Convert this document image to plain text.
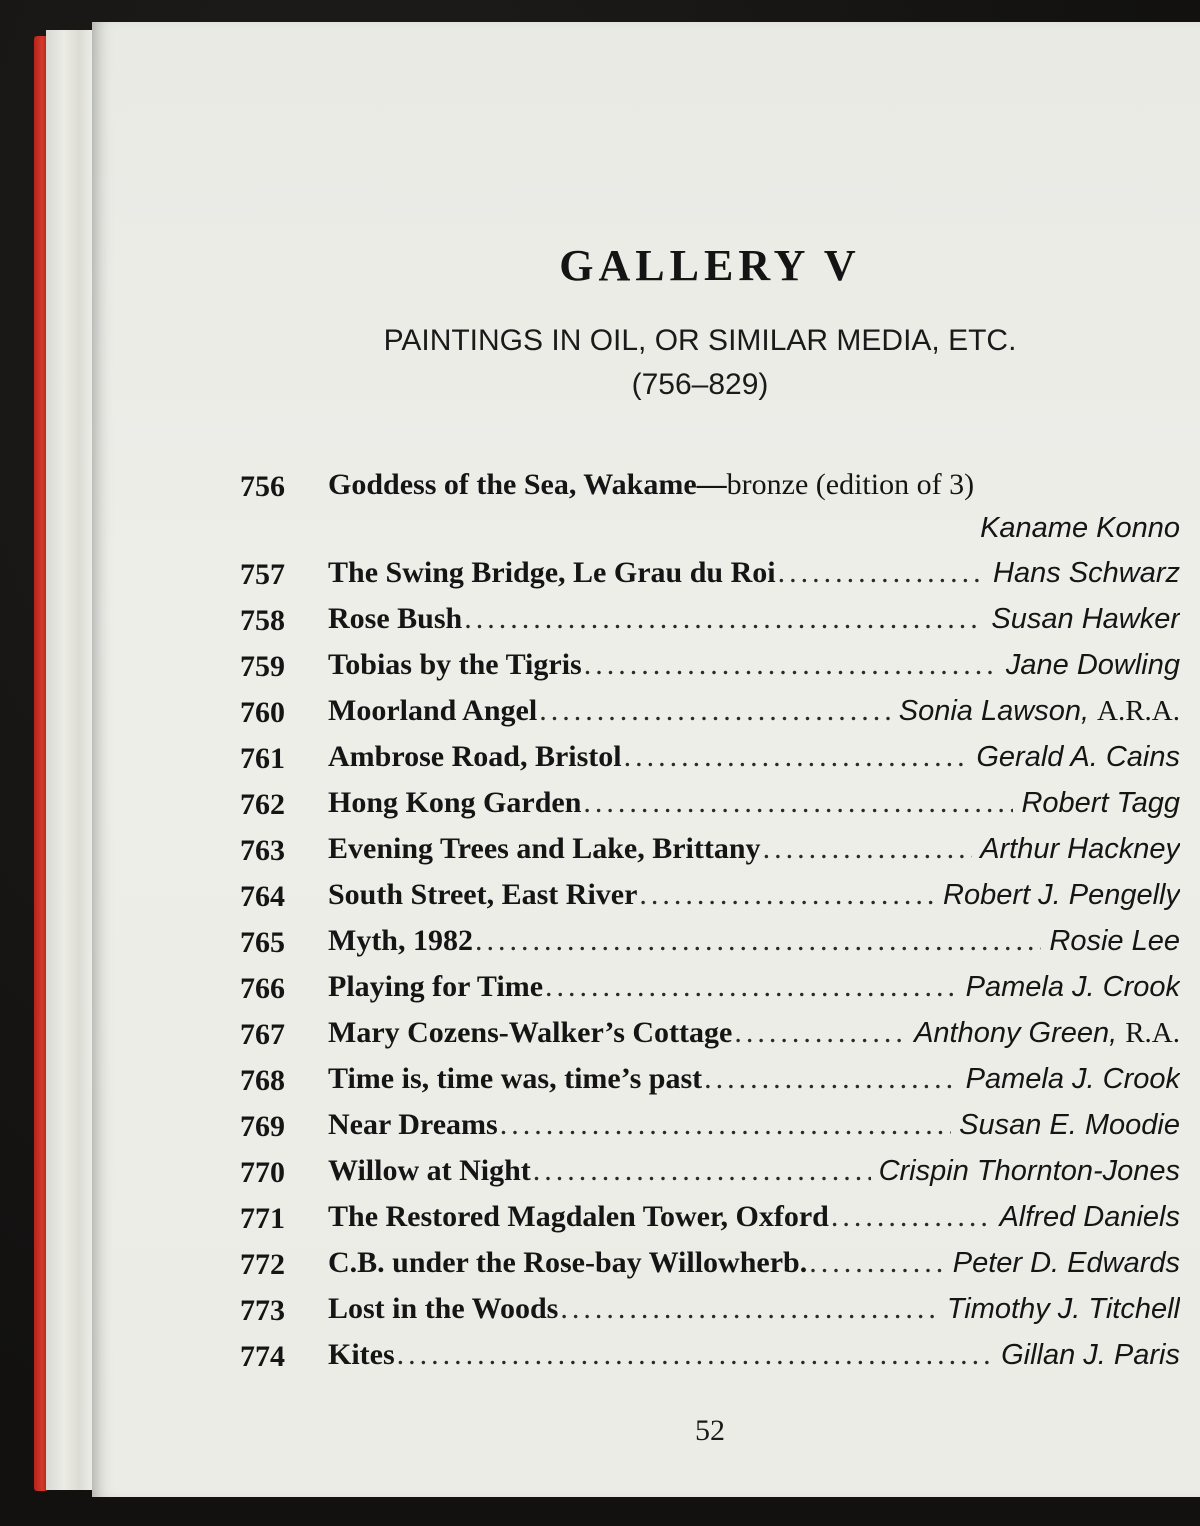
GALLERY V

PAINTINGS IN OIL, OR SIMILAR MEDIA, ETC.

(756–829)

756 Goddess of the Sea, Wakame—bronze (edition of 3)
Kaname Konno
757 The Swing Bridge, Le Grau du Roi .....	Hans Schwarz
758 Rose Bush .....	Susan Hawker
759 Tobias by the Tigris .....	Jane Dowling
760 Moorland Angel .....	Sonia Lawson, A.R.A.
761 Ambrose Road, Bristol .....	Gerald A. Cains
762 Hong Kong Garden .....	Robert Tagg
763 Evening Trees and Lake, Brittany .....	Arthur Hackney
764 South Street, East River .....	Robert J. Pengelly
765 Myth, 1982 .....	Rosie Lee
766 Playing for Time .....	Pamela J. Crook
767 Mary Cozens-Walker’s Cottage .....	Anthony Green, R.A.
768 Time is, time was, time’s past .....	Pamela J. Crook
769 Near Dreams .....	Susan E. Moodie
770 Willow at Night .....	Crispin Thornton-Jones
771 The Restored Magdalen Tower, Oxford .....	Alfred Daniels
772 C.B. under the Rose-bay Willowherb. .....	Peter D. Edwards
773 Lost in the Woods .....	Timothy J. Titchell
774 Kites .....	Gillan J. Paris

52
